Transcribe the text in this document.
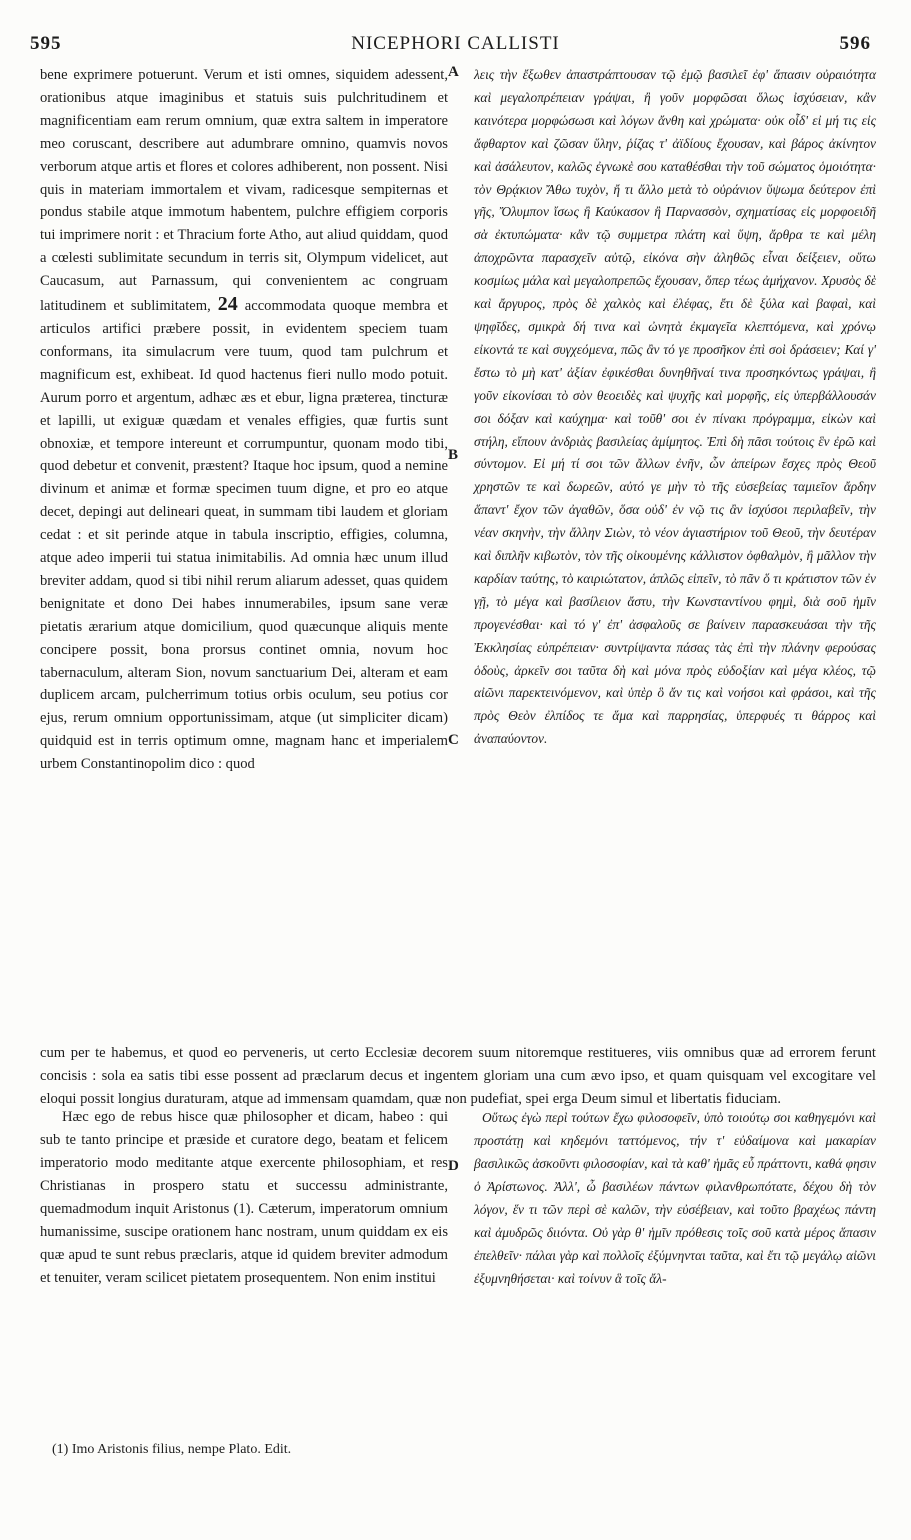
595	NICEPHORI CALLISTI	596

bene exprimere potuerunt. Verum et isti omnes, siquidem adessent, orationibus atque imaginibus et statuis suis pulchritudinem et magnificentiam eam rerum omnium, quæ extra saltem in imperatore meo coruscant, describere aut adumbrare omnino, quamvis novos verborum atque artis et flores et colores adhiberent, non possent. Nisi quis in materiam immortalem et vivam, radicesque sempiternas et pondus stabile atque immotum habentem, pulchre effigiem corporis tui imprimere norit : et Thracium forte Atho, aut aliud quiddam, quod a cœlesti sublimitate secundum in terris sit, Olympum videlicet, aut Caucasum, aut Parnassum, qui convenientem ac congruam latitudinem et sublimitatem, 24 accommodata quoque membra et articulos artifici præbere possit, in evidentem speciem tuam conformans, ita simulacrum vere tuum, quod tam pulchrum et magnificum est, exhibeat. Id quod hactenus fieri nullo modo potuit. Aurum porro et argentum, adhæc æs et ebur, ligna præterea, tincturæ et lapilli, ut exiguæ quædam et venales effigies, quæ furtis sunt obnoxiæ, et tempore intereunt et corrumpuntur, quonam modo tibi, quod debetur et convenit, præstent? Itaque hoc ipsum, quod a nemine divinum et animæ et formæ specimen tuum digne, et pro eo atque decet, depingi aut delineari queat, in summam tibi laudem et gloriam cedat : et sit perinde atque in tabula inscriptio, effigies, columna, atque adeo imperii tui statua inimitabilis. Ad omnia hæc unum illud breviter addam, quod si tibi nihil rerum aliarum adesset, quas quidem benignitate et dono Dei habes innumerabiles, ipsum sane veræ pietatis ærarium atque domicilium, quod quæcunque aliquis mente concipere possit, bona prorsus continet omnia, novum hoc tabernaculum, alteram Sion, novum sanctuarium Dei, alteram et eam duplicem arcam, pulcherrimum totius orbis oculum, seu potius cor ejus, rerum omnium opportunissimam, atque (ut simpliciter dicam) quidquid est in terris optimum omne, magnam hanc et imperialem urbem Constantinopolim dico : quod

A
B
C
D

λεις τὴν ἔξωθεν ἀπαστράπτουσαν τῷ ἐμῷ βασιλεῖ ἐφ' ἅπασιν οὐραιότητα καὶ μεγαλοπρέπειαν γράψαι, ἢ γοῦν μορφῶσαι ὅλως ἰσχύσειαν, κἂν καινότερα μορφώσωσι καὶ λόγων ἄνθη καὶ χρώματα· οὐκ οἶδ' εἰ μή τις εἰς ἄφθαρτον καὶ ζῶσαν ὕλην, ῥίζας τ' ἀϊδίους ἔχουσαν, καὶ βάρος ἀκίνητον καὶ ἀσάλευτον, καλῶς ἐγνωκὲ σου καταθέσθαι τὴν τοῦ σώματος ὁμοιότητα· τὸν Θρᾴκιον Ἄθω τυχὸν, ἤ τι ἄλλο μετὰ τὸ οὐράνιον ὕψωμα δεύτερον ἐπὶ γῆς, Ὄλυμπον ἴσως ἢ Καύκασον ἢ Παρνασσὸν, σχηματίσας εἰς μορφοειδῆ σὰ ἐκτυπώματα· κἂν τῷ συμμετρα πλάτη καὶ ὕψη, ἄρθρα τε καὶ μέλη ἀποχρῶντα παρασχεῖν αὐτῷ, εἰκόνα σὴν ἀληθῶς εἶναι δείξειεν, οὕτω κοσμίως μάλα καὶ μεγαλοπρεπῶς ἔχουσαν, ὅπερ τέως ἀμήχανον. Χρυσὸς δὲ καὶ ἄργυρος, πρὸς δὲ χαλκὸς καὶ ἐλέφας, ἔτι δὲ ξύλα καὶ βαφαὶ, καὶ ψηφῖδες, σμικρὰ δή τινα καὶ ὠνητὰ ἐκμαγεῖα κλεπτόμενα, καὶ χρόνῳ εἰκοντά τε καὶ συγχεόμενα, πῶς ἂν τό γε προσῆκον ἐπὶ σοὶ δράσειεν; Καί γ' ἔστω τὸ μὴ κατ' ἀξίαν ἐφικέσθαι δυνηθῆναί τινα προσηκόντως γράψαι, ἢ γοῦν εἰκονίσαι τὸ σὸν θεοειδὲς καὶ ψυχῆς καὶ μορφῆς, εἰς ὑπερβάλλουσάν σοι δόξαν καὶ καύχημα· καὶ τοῦθ' σοι ἐν πίνακι πρόγραμμα, εἰκὼν καὶ στήλη, εἴπουν ἀνδριὰς βασιλείας ἀμίμητος. Ἐπὶ δὴ πᾶσι τούτοις ἓν ἐρῶ καὶ σύντομον. Εἰ μή τί σοι τῶν ἄλλων ἐνῆν, ὧν ἀπείρων ἔσχες πρὸς Θεοῦ χρηστῶν τε καὶ δωρεῶν, αὐτό γε μὴν τὸ τῆς εὐσεβείας ταμιεῖον ἄρδην ἅπαντ' ἔχον τῶν ἀγαθῶν, ὅσα οὐδ' ἐν νῷ τις ἂν ἰσχύσοι περιλαβεῖν, τὴν νέαν σκηνὴν, τὴν ἄλλην Σιὼν, τὸ νέον ἁγιαστήριον τοῦ Θεοῦ, τὴν δευτέραν καὶ διπλῆν κιβωτὸν, τὸν τῆς οἰκουμένης κάλλιστον ὀφθαλμὸν, ἢ μᾶλλον τὴν καρδίαν ταύτης, τὸ καιριώτατον, ἁπλῶς εἰπεῖν, τὸ πᾶν ὅ τι κράτιστον τῶν ἐν γῇ, τὸ μέγα καὶ βασίλειον ἄστυ, τὴν Κωνσταντίνου φημὶ, διὰ σοῦ ἡμῖν προγενέσθαι· καὶ τό γ' ἐπ' ἀσφαλοῦς σε βαίνειν παρασκευάσαι τὴν τῆς Ἐκκλησίας εὐπρέπειαν· συντρίψαντα πάσας τὰς ἐπὶ τὴν πλάνην φερούσας ὁδοὺς, ἀρκεῖν σοι ταῦτα δὴ καὶ μόνα πρὸς εὐδοξίαν καὶ μέγα κλέος, τῷ αἰῶνι παρεκτεινόμενον, καὶ ὑπὲρ ὃ ἄν τις καὶ νοήσοι καὶ φράσοι, καὶ τῆς πρὸς Θεὸν ἐλπίδος τε ἅμα καὶ παρρησίας, ὑπερφυές τι θάρρος καὶ ἀναπαύοντον.

cum per te habemus, et quod eo perveneris, ut certo Ecclesiæ decorem suum nitoremque restitueres, viis omnibus quæ ad errorem ferunt concisis : sola ea satis tibi esse possent ad præclarum decus et ingentem gloriam una cum ævo ipso, et quam quisquam vel excogitare vel eloqui possit longius duraturam, atque ad immensam quamdam, quæ non pudefiat, spei erga Deum simul et libertatis fiduciam.

Hæc ego de rebus hisce quæ philosopher et dicam, habeo : qui sub te tanto principe et præside et curatore dego, beatam et felicem imperatorio modo meditante atque exercente philosophiam, et res Christianas in prospero statu et successu administrante, quemadmodum inquit Aristonus (1). Cæterum, imperatorum omnium humanissime, suscipe orationem hanc nostram, unum quiddam ex eis quæ apud te sunt rebus præclaris, atque id quidem breviter admodum et tenuiter, veram scilicet pietatem prosequentem. Non enim institui

Οὕτως ἐγὼ περὶ τούτων ἔχω φιλοσοφεῖν, ὑπὸ τοιούτῳ σοι καθηγεμόνι καὶ προστάτῃ καὶ κηδεμόνι ταττόμενος, τήν τ' εὐδαίμονα καὶ μακαρίαν βασιλικῶς ἀσκοῦντι φιλοσοφίαν, καὶ τὰ καθ' ἡμᾶς εὖ πράττοντι, καθά φησιν ὁ Ἀρίστωνος. Ἀλλ', ὦ βασιλέων πάντων φιλανθρωπότατε, δέχου δὴ τὸν λόγον, ἕν τι τῶν περὶ σὲ καλῶν, τὴν εὐσέβειαν, καὶ τοῦτο βραχέως πάντη καὶ ἀμυδρῶς διιόντα. Οὐ γὰρ θ' ἡμῖν πρόθεσις τοῖς σοῦ κατὰ μέρος ἅπασιν ἐπελθεῖν· πάλαι γὰρ καὶ πολλοῖς ἐξύμνηνται ταῦτα, καὶ ἔτι τῷ μεγάλῳ αἰῶνι ἐξυμνηθήσεται· καὶ τοίνυν ἃ τοῖς ἄλ-

(1) Imo Aristonis filius, nempe Plato. Edit.
